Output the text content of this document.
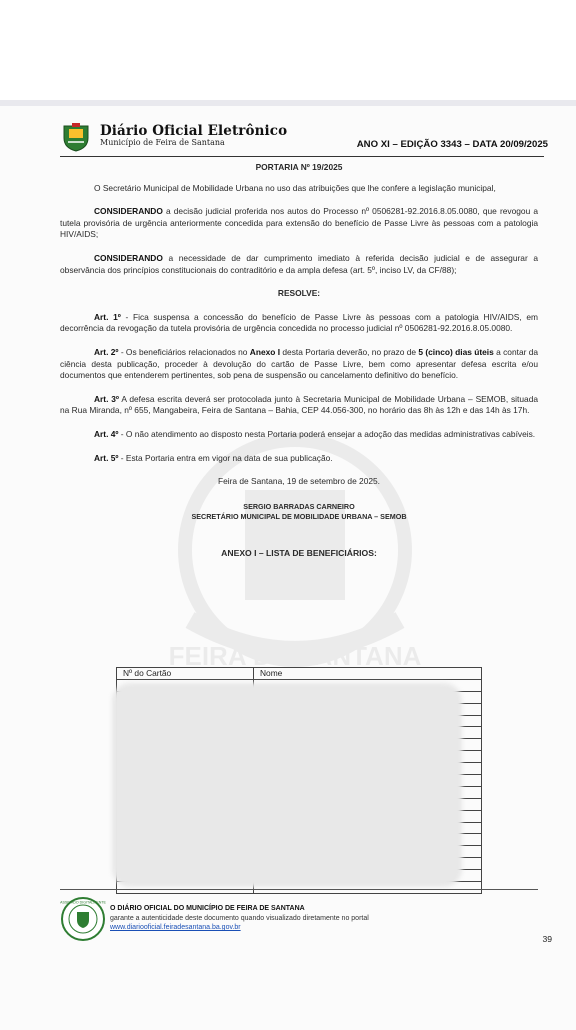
FEIRA DE SANTANA
Diário Oficial Eletrônico
Município de Feira de Santana	ANO XI – EDIÇÃO 3343 – DATA 20/09/2025
PORTARIA Nº 19/2025
O Secretário Municipal de Mobilidade Urbana no uso das atribuições que lhe confere a legislação municipal,
CONSIDERANDO a decisão judicial proferida nos autos do Processo nº 0506281-92.2016.8.05.0080, que revogou a tutela provisória de urgência anteriormente concedida para extensão do benefício de Passe Livre às pessoas com a patologia HIV/AIDS;
CONSIDERANDO a necessidade de dar cumprimento imediato à referida decisão judicial e de assegurar a observância dos princípios constitucionais do contraditório e da ampla defesa (art. 5º, inciso LV, da CF/88);
RESOLVE:
Art. 1º - Fica suspensa a concessão do benefício de Passe Livre às pessoas com a patologia HIV/AIDS, em decorrência da revogação da tutela provisória de urgência concedida no processo judicial nº 0506281-92.2016.8.05.0080.
Art. 2º - Os beneficiários relacionados no Anexo I desta Portaria deverão, no prazo de 5 (cinco) dias úteis a contar da ciência desta publicação, proceder à devolução do cartão de Passe Livre, bem como apresentar defesa escrita e/ou documentos que entenderem pertinentes, sob pena de suspensão ou cancelamento definitivo do benefício.
Art. 3º A defesa escrita deverá ser protocolada junto à Secretaria Municipal de Mobilidade Urbana – SEMOB, situada na Rua Miranda, nº 655, Mangabeira, Feira de Santana – Bahia, CEP 44.056-300, no horário das 8h às 12h e das 14h às 17h.
Art. 4º - O não atendimento ao disposto nesta Portaria poderá ensejar a adoção das medidas administrativas cabíveis.
Art. 5º - Esta Portaria entra em vigor na data de sua publicação.
Feira de Santana, 19 de setembro de 2025.
SERGIO BARRADAS CARNEIRO
SECRETÁRIO MUNICIPAL DE MOBILIDADE URBANA – SEMOB
ANEXO I – LISTA DE BENEFICIÁRIOS:
Nº do Cartão	Nome

ASSINADO DIGITALMENTE
O DIÁRIO OFICIAL DO MUNICÍPIO DE FEIRA DE SANTANA
garante a autenticidade deste documento quando visualizado diretamente no portal
www.diariooficial.feiradesantana.ba.gov.br
39
